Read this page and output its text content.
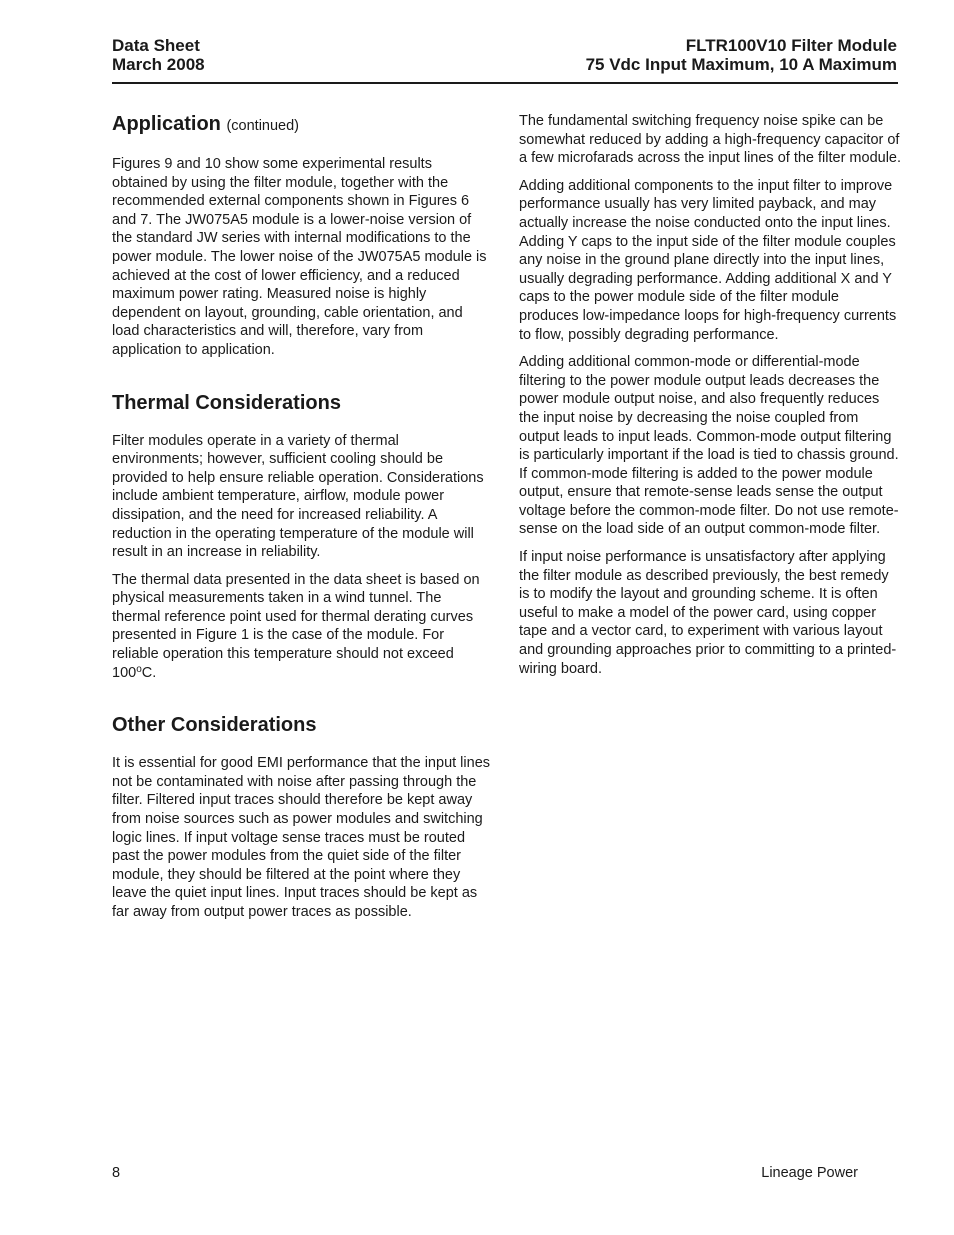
Data Sheet
March 2008
FLTR100V10 Filter Module
75 Vdc Input Maximum, 10 A Maximum
Application (continued)

Figures 9 and 10 show some experimental results obtained by using the filter module, together with the recommended external components shown in Figures 6 and 7. The JW075A5 module is a lower-noise version of the standard JW series with internal modifications to the power module. The lower noise of the JW075A5 module is achieved at the cost of lower efficiency, and a reduced maximum power rating. Measured noise is highly dependent on layout, grounding, cable orientation, and load characteristics and will, therefore, vary from application to application.

Thermal Considerations

Filter modules operate in a variety of thermal environments; however, sufficient cooling should be provided to help ensure reliable operation. Considerations include ambient temperature, airflow, module power dissipation, and the need for increased reliability. A reduction in the operating temperature of the module will result in an increase in reliability.

The thermal data presented in the data sheet is based on physical measurements taken in a wind tunnel. The thermal reference point used for thermal derating curves presented in Figure 1 is the case of the module. For reliable operation this temperature should not exceed 100$^o$C.

Other Considerations

It is essential for good EMI performance that the input lines not be contaminated with noise after passing through the filter. Filtered input traces should therefore be kept away from noise sources such as power modules and switching logic lines. If input voltage sense traces must be routed past the power modules from the quiet side of the filter module, they should be filtered at the point where they leave the quiet input lines. Input traces should be kept as far away from output power traces as possible.

The fundamental switching frequency noise spike can be somewhat reduced by adding a high-frequency capacitor of a few microfarads across the input lines of the filter module.

Adding additional components to the input filter to improve performance usually has very limited payback, and may actually increase the noise conducted onto the input lines. Adding Y caps to the input side of the filter module couples any noise in the ground plane directly into the input lines, usually degrading performance. Adding additional X and Y caps to the power module side of the filter module produces low-impedance loops for high-frequency currents to flow, possibly degrading performance.

Adding additional common-mode or differential-mode filtering to the power module output leads decreases the power module output noise, and also frequently reduces the input noise by decreasing the noise coupled from output leads to input leads. Common-mode output filtering is particularly important if the load is tied to chassis ground. If common-mode filtering is added to the power module output, ensure that remote-sense leads sense the output voltage before the common-mode filter. Do not use remote-sense on the load side of an output common-mode filter.

If input noise performance is unsatisfactory after applying the filter module as described previously, the best remedy is to modify the layout and grounding scheme. It is often useful to make a model of the power card, using copper tape and a vector card, to experiment with various layout and grounding approaches prior to committing to a printed-wiring board.

8	Lineage Power
